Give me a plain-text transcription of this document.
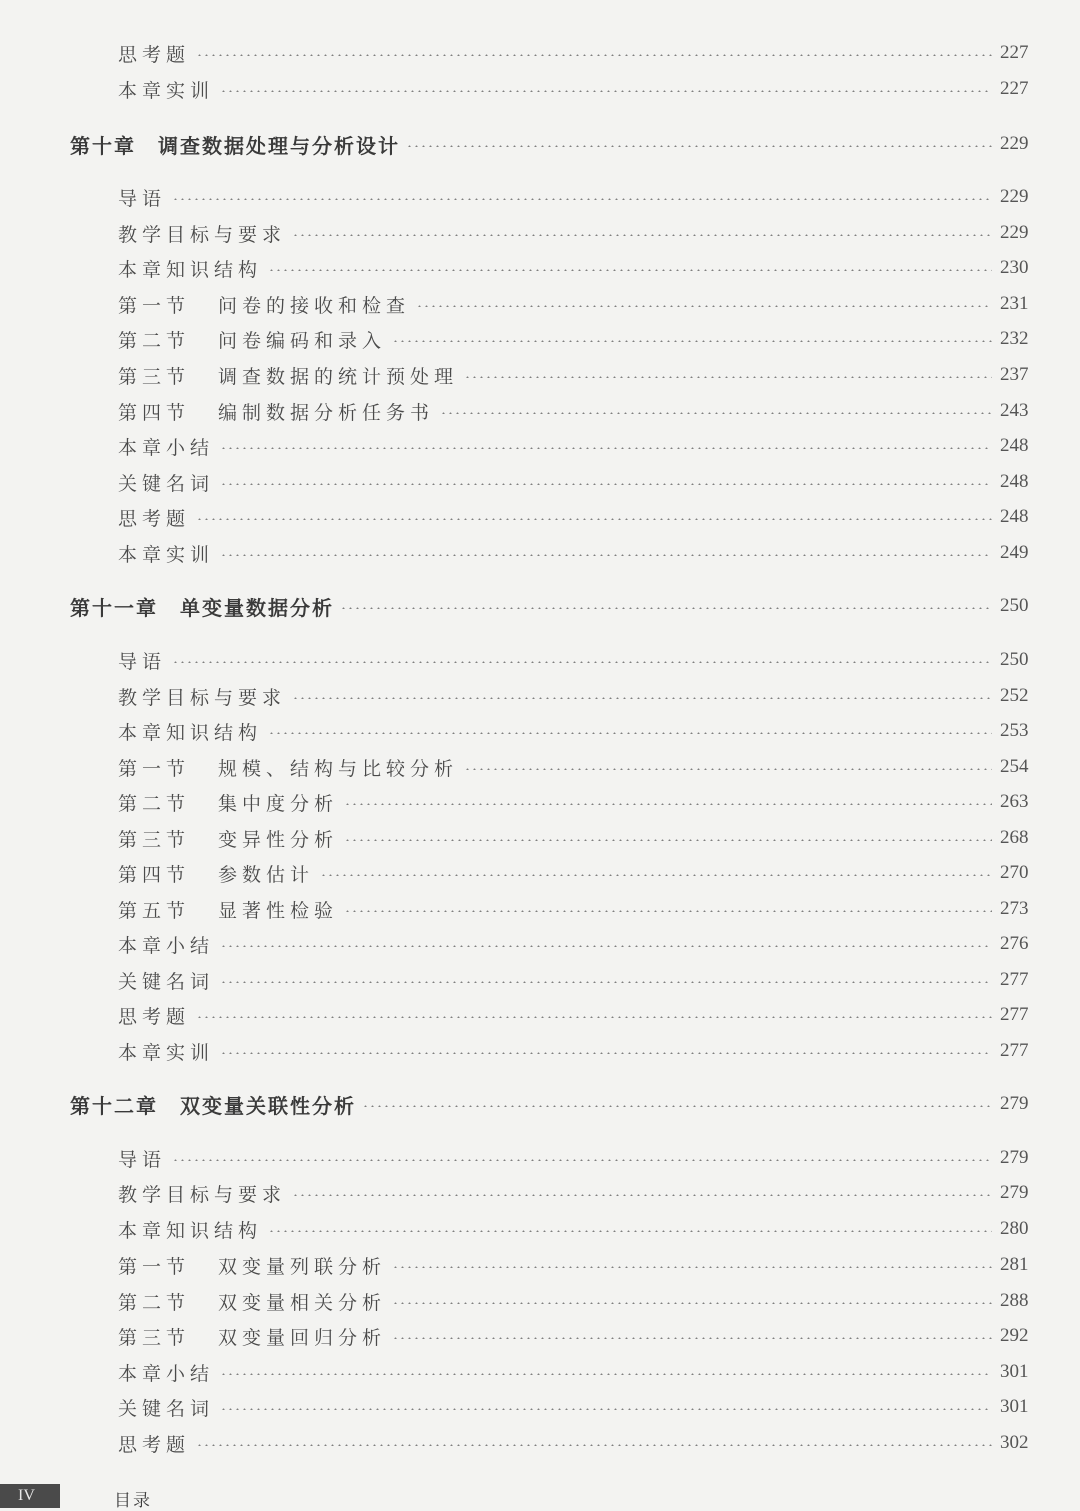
思考题	227
本章实训	227
第十章 调查数据处理与分析设计	229
导语	229
教学目标与要求	229
本章知识结构	230
第一节 问卷的接收和检查	231
第二节 问卷编码和录入	232
第三节 调查数据的统计预处理	237
第四节 编制数据分析任务书	243
本章小结	248
关键名词	248
思考题	248
本章实训	249
第十一章 单变量数据分析	250
导语	250
教学目标与要求	252
本章知识结构	253
第一节 规模、结构与比较分析	254
第二节 集中度分析	263
第三节 变异性分析	268
第四节 参数估计	270
第五节 显著性检验	273
本章小结	276
关键名词	277
思考题	277
本章实训	277
第十二章 双变量关联性分析	279
导语	279
教学目标与要求	279
本章知识结构	280
第一节 双变量列联分析	281
第二节 双变量相关分析	288
第三节 双变量回归分析	292
本章小结	301
关键名词	301
思考题	302
IV	目录
